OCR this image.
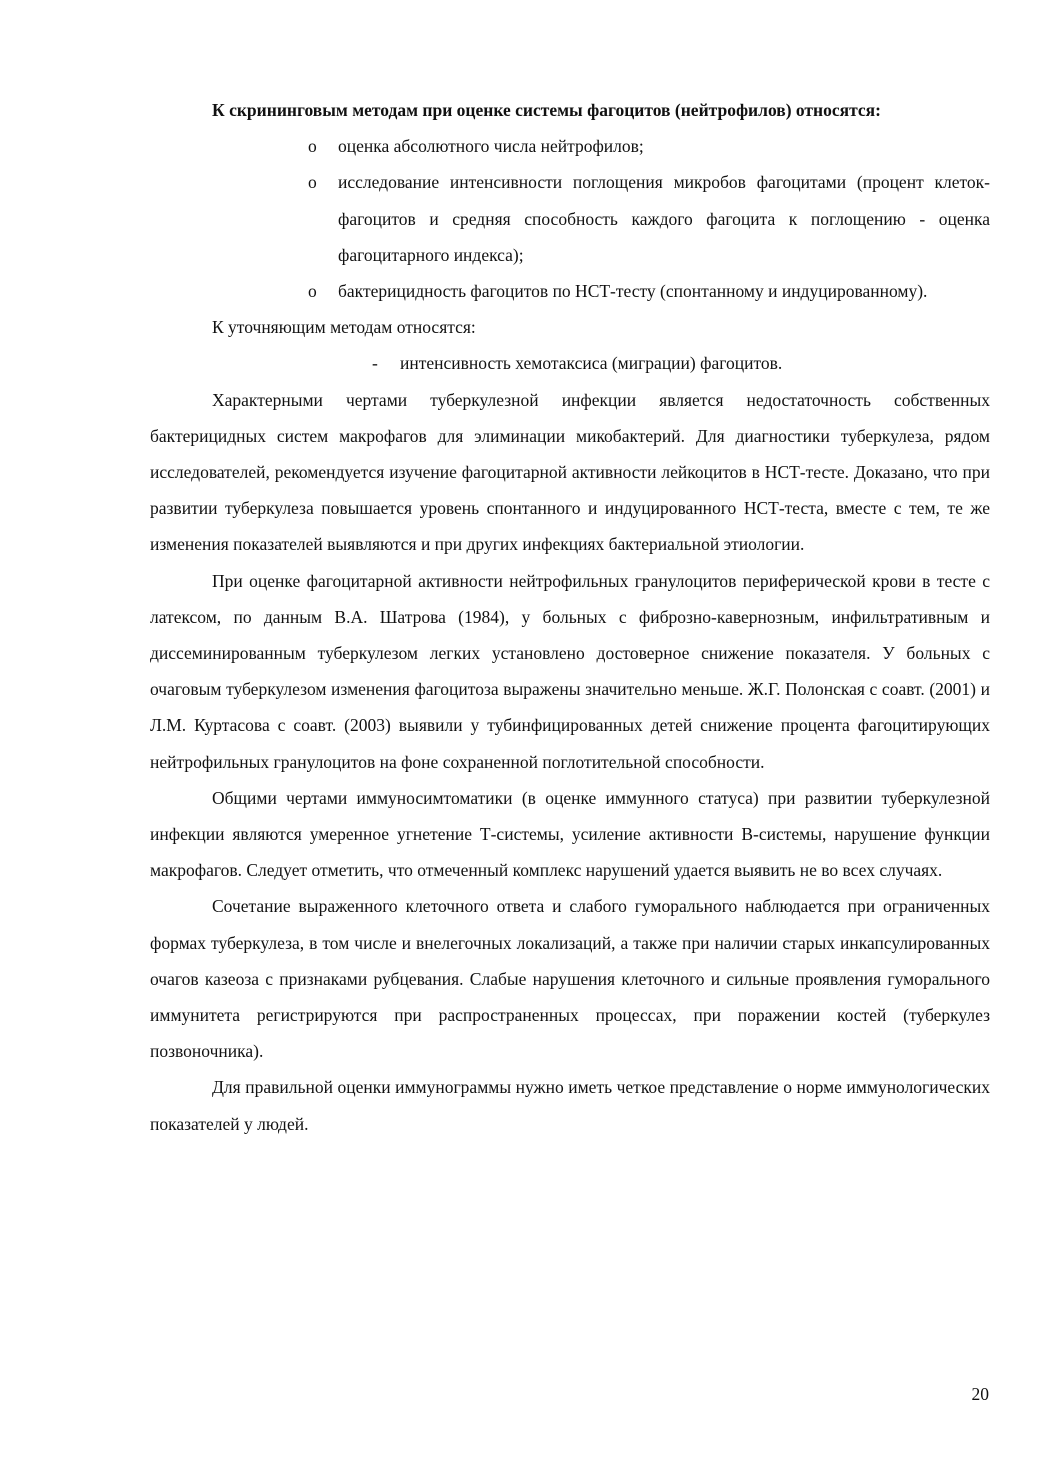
К скрининговым методам при оценке системы фагоцитов (нейтрофилов) относятся:

o оценка абсолютного числа нейтрофилов;
o исследование интенсивности поглощения микробов фагоцитами (процент клеток-фагоцитов и средняя способность каждого фагоцита к поглощению - оценка фагоцитарного индекса);
o бактерицидность фагоцитов по НСТ-тесту (спонтанному и индуцированному).

К уточняющим методам относятся:

- интенсивность хемотаксиса (миграции) фагоцитов.

Характерными чертами туберкулезной инфекции является недостаточность собственных бактерицидных систем макрофагов для элиминации микобактерий. Для диагностики туберкулеза, рядом исследователей, рекомендуется изучение фагоцитарной активности лейкоцитов в НСТ-тесте. Доказано, что при развитии туберкулеза повышается уровень спонтанного и индуцированного НСТ-теста, вместе с тем, те же изменения показателей выявляются и при других инфекциях бактериальной этиологии.

При оценке фагоцитарной активности нейтрофильных гранулоцитов периферической крови в тесте с латексом, по данным В.А. Шатрова (1984), у больных с фиброзно-кавернозным, инфильтративным и диссеминированным туберкулезом легких установлено достоверное снижение показателя. У больных с очаговым туберкулезом изменения фагоцитоза выражены значительно меньше. Ж.Г. Полонская с соавт. (2001) и Л.М. Куртасова с соавт. (2003) выявили у тубинфицированных детей снижение процента фагоцитирующих нейтрофильных гранулоцитов на фоне сохраненной поглотительной способности.

Общими чертами иммуносимтоматики (в оценке иммунного статуса) при развитии туберкулезной инфекции являются умеренное угнетение Т-системы, усиление активности В-системы, нарушение функции макрофагов. Следует отметить, что отмеченный комплекс нарушений удается выявить не во всех случаях.

Сочетание выраженного клеточного ответа и слабого гуморального наблюдается при ограниченных формах туберкулеза, в том числе и внелегочных локализаций, а также при наличии старых инкапсулированных очагов казеоза с признаками рубцевания. Слабые нарушения клеточного и сильные проявления гуморального иммунитета регистрируются при распространенных процессах, при поражении костей (туберкулез позвоночника).

Для правильной оценки иммунограммы нужно иметь четкое представление о норме иммунологических показателей у людей.

20
